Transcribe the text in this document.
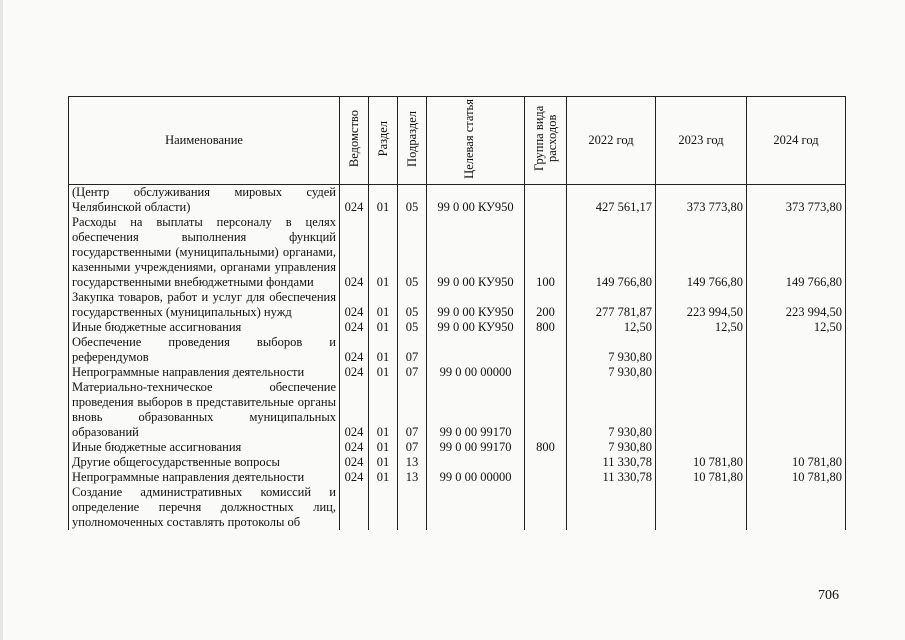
Наименование	Ведомство	Раздел	Подраздел	Целевая статья	Группа вида расходов	2022 год	2023 год	2024 год
(Центр обслуживания мировых судей Челябинской области)	024	01	05	99 0 00 КУ950		427 561,17	373 773,80	373 773,80
Расходы на выплаты персоналу в целях обеспечения выполнения функций государственными (муниципальными) органами, казенными учреждениями, органами управления государственными внебюджетными фондами	024	01	05	99 0 00 КУ950	100	149 766,80	149 766,80	149 766,80
Закупка товаров, работ и услуг для обеспечения государственных (муниципальных) нужд	024	01	05	99 0 00 КУ950	200	277 781,87	223 994,50	223 994,50
Иные бюджетные ассигнования	024	01	05	99 0 00 КУ950	800	12,50	12,50	12,50
Обеспечение проведения выборов и референдумов	024	01	07			7 930,80		
Непрограммные направления деятельности	024	01	07	99 0 00 00000		7 930,80		
Материально-техническое обеспечение проведения выборов в представительные органы вновь образованных муниципальных образований	024	01	07	99 0 00 99170		7 930,80		
Иные бюджетные ассигнования	024	01	07	99 0 00 99170	800	7 930,80		
Другие общегосударственные вопросы	024	01	13			11 330,78	10 781,80	10 781,80
Непрограммные направления деятельности	024	01	13	99 0 00 00000		11 330,78	10 781,80	10 781,80
Создание административных комиссий и определение перечня должностных лиц, уполномоченных составлять протоколы об								
706
